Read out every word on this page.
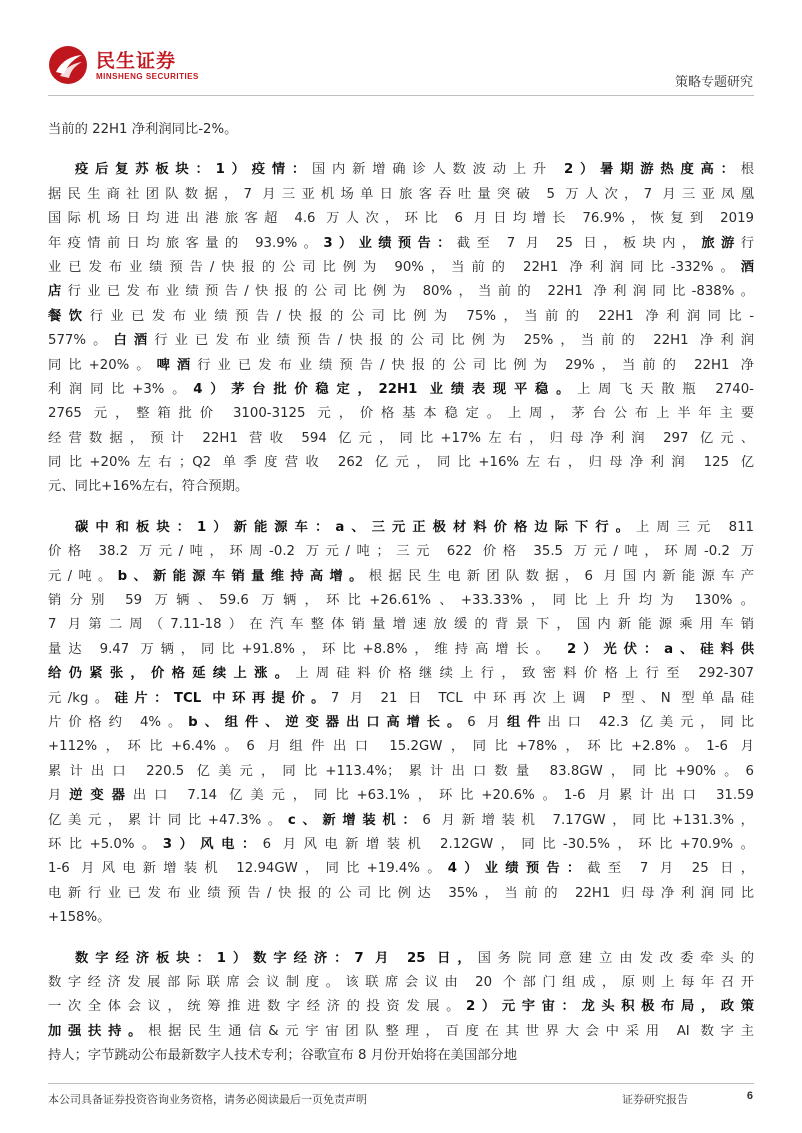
民生证券
MINSHENG SECURITIES	策略专题研究
当前的 22H1 净利润同比-2%。
疫后复苏板块：1）疫情：国内新增确诊人数波动上升 2）暑期游热度高：根
据民生商社团队数据，7 月三亚机场单日旅客吞吐量突破 5 万人次，7 月三亚凤凰
国际机场日均进出港旅客超 4.6 万人次，环比 6 月日均增长 76.9%，恢复到 2019
年疫情前日均旅客量的 93.9%。3）业绩预告：截至 7 月 25 日，板块内，旅游行
业已发布业绩预告/快报的公司比例为 90%，当前的 22H1 净利润同比-332%。酒
店行业已发布业绩预告/快报的公司比例为 80%，当前的 22H1 净利润同比-838%。
餐饮行业已发布业绩预告/快报的公司比例为 75%，当前的 22H1 净利润同比-
577%。白酒行业已发布业绩预告/快报的公司比例为 25%，当前的 22H1 净利润
同比+20%。啤酒行业已发布业绩预告/快报的公司比例为 29%，当前的 22H1 净
利润同比+3%。4）茅台批价稳定，22H1 业绩表现平稳。上周飞天散瓶 2740-
2765 元，整箱批价 3100-3125 元，价格基本稳定。上周，茅台公布上半年主要
经营数据，预计 22H1 营收 594 亿元，同比+17%左右，归母净利润 297 亿元、
同比+20%左右；Q2 单季度营收 262 亿元，同比+16%左右，归母净利润 125 亿
元、同比+16%左右，符合预期。
碳中和板块：1）新能源车：a、三元正极材料价格边际下行。上周三元 811
价格 38.2 万元/吨，环周-0.2 万元/吨；三元 622 价格 35.5 万元/吨，环周-0.2 万
元/吨。b、新能源车销量维持高增。根据民生电新团队数据，6 月国内新能源车产
销分别 59 万辆、59.6 万辆，环比+26.61%、+33.33%，同比上升均为 130%。
7 月第二周（7.11-18）在汽车整体销量增速放缓的背景下，国内新能源乘用车销
量达 9.47 万辆，同比+91.8%，环比+8.8%，维持高增长。 2）光伏：a、硅料供
给仍紧张，价格延续上涨。上周硅料价格继续上行，致密料价格上行至 292-307
元/kg。硅片：TCL 中环再提价。7 月 21 日 TCL 中环再次上调 P 型、N 型单晶硅
片价格约 4%。b、组件、逆变器出口高增长。6 月组件出口 42.3 亿美元，同比
+112%，环比+6.4%。6 月组件出口 15.2GW，同比+78%，环比+2.8%。1-6 月
累计出口 220.5 亿美元，同比+113.4%；累计出口数量 83.8GW，同比+90%。6
月逆变器出口 7.14 亿美元，同比+63.1%，环比+20.6%。1-6 月累计出口 31.59
亿美元，累计同比+47.3%。c、新增装机：6 月新增装机 7.17GW，同比+131.3%，
环比+5.0%。3）风电：6 月风电新增装机 2.12GW，同比-30.5%，环比+70.9%。
1-6 月风电新增装机 12.94GW，同比+19.4%。4）业绩预告：截至 7 月 25 日，
电新行业已发布业绩预告/快报的公司比例达 35%，当前的 22H1 归母净利润同比
+158%。
数字经济板块：1）数字经济：7 月 25 日，国务院同意建立由发改委牵头的
数字经济发展部际联席会议制度。该联席会议由 20 个部门组成，原则上每年召开
一次全体会议，统筹推进数字经济的投资发展。2）元宇宙：龙头积极布局，政策
加强扶持。根据民生通信&元宇宙团队整理，百度在其世界大会中采用 AI 数字主
持人；字节跳动公布最新数字人技术专利；谷歌宣布 8 月份开始将在美国部分地
本公司具备证券投资咨询业务资格，请务必阅读最后一页免责声明	证券研究报告	6
